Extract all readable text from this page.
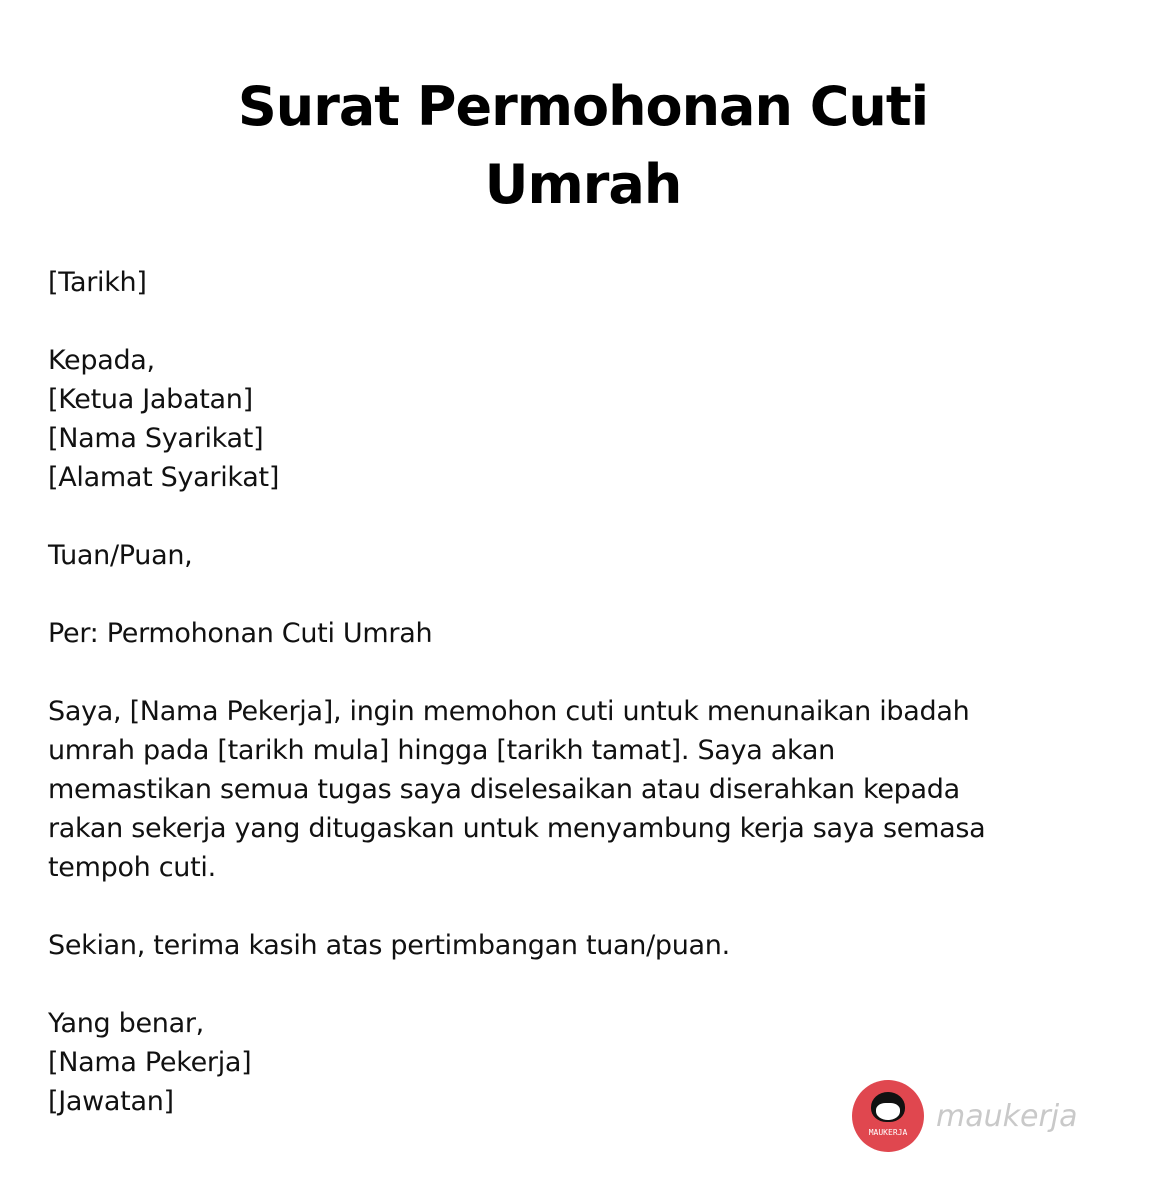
Surat Permohonan Cuti
Umrah
[Tarikh]
Kepada,
[Ketua Jabatan]
[Nama Syarikat]
[Alamat Syarikat]
Tuan/Puan,
Per: Permohonan Cuti Umrah
Saya, [Nama Pekerja], ingin memohon cuti untuk menunaikan ibadah
umrah pada [tarikh mula] hingga [tarikh tamat]. Saya akan
memastikan semua tugas saya diselesaikan atau diserahkan kepada
rakan sekerja yang ditugaskan untuk menyambung kerja saya semasa
tempoh cuti.
Sekian, terima kasih atas pertimbangan tuan/puan.
Yang benar,
[Nama Pekerja]
[Jawatan]
MAUKERJA maukerja
